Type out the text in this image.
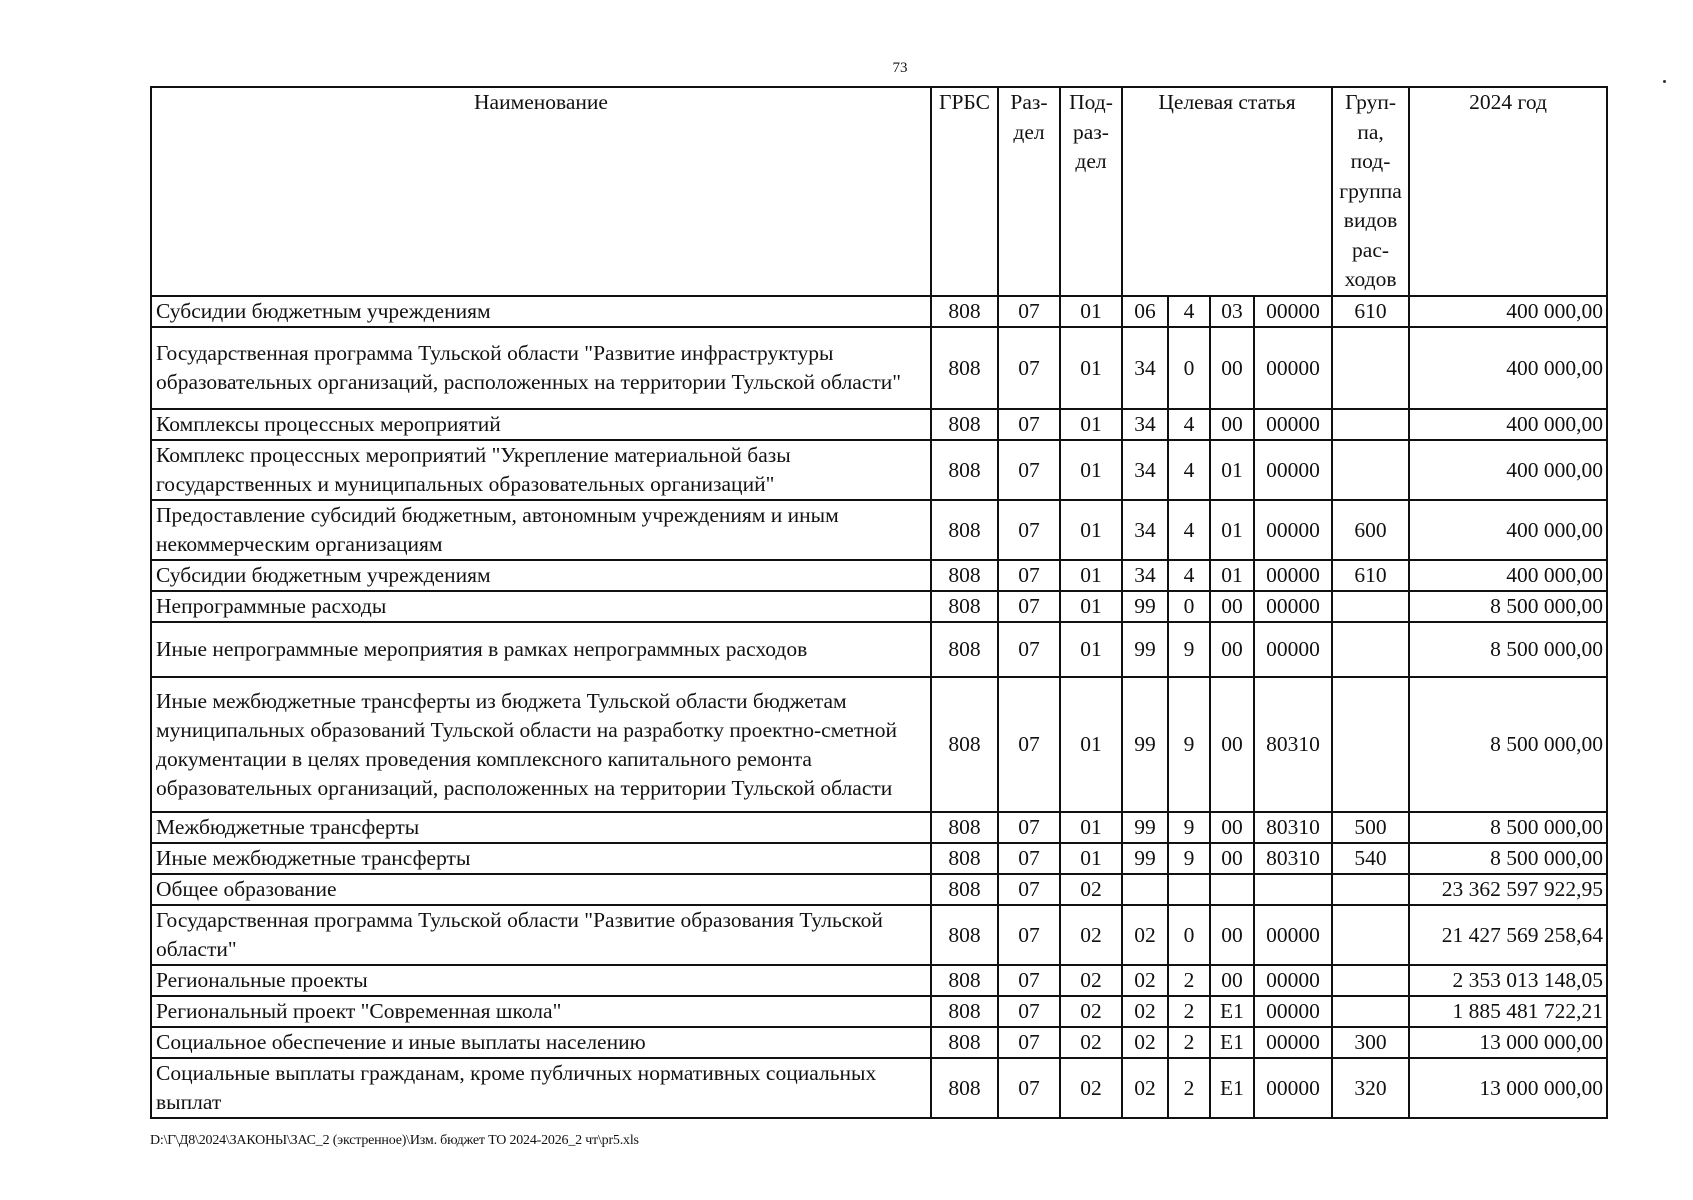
73
Наименование	ГРБС	Раз- дел	Под- раз- дел	Целевая статья				Груп- па, под- группа видов рас- ходов	2024 год
Субсидии бюджетным учреждениям	808	07	01	06	4	03	00000	610	400 000,00
Государственная программа Тульской области "Развитие инфраструктуры образовательных организаций, расположенных на территории Тульской области"	808	07	01	34	0	00	00000		400 000,00
Комплексы процессных мероприятий	808	07	01	34	4	00	00000		400 000,00
Комплекс процессных мероприятий "Укрепление материальной базы государственных и муниципальных образовательных организаций"	808	07	01	34	4	01	00000		400 000,00
Предоставление субсидий бюджетным, автономным учреждениям и иным некоммерческим организациям	808	07	01	34	4	01	00000	600	400 000,00
Субсидии бюджетным учреждениям	808	07	01	34	4	01	00000	610	400 000,00
Непрограммные расходы	808	07	01	99	0	00	00000		8 500 000,00
Иные непрограммные мероприятия в рамках непрограммных расходов	808	07	01	99	9	00	00000		8 500 000,00
Иные межбюджетные трансферты из бюджета Тульской области бюджетам муниципальных образований Тульской области на разработку проектно-сметной документации в целях проведения комплексного капитального ремонта образовательных организаций, расположенных на территории Тульской области	808	07	01	99	9	00	80310		8 500 000,00
Межбюджетные трансферты	808	07	01	99	9	00	80310	500	8 500 000,00
Иные межбюджетные трансферты	808	07	01	99	9	00	80310	540	8 500 000,00
Общее образование	808	07	02						23 362 597 922,95
Государственная программа Тульской области "Развитие образования Тульской области"	808	07	02	02	0	00	00000		21 427 569 258,64
Региональные проекты	808	07	02	02	2	00	00000		2 353 013 148,05
Региональный проект "Современная школа"	808	07	02	02	2	E1	00000		1 885 481 722,21
Социальное обеспечение и иные выплаты населению	808	07	02	02	2	E1	00000	300	13 000 000,00
Социальные выплаты гражданам, кроме публичных нормативных социальных выплат	808	07	02	02	2	E1	00000	320	13 000 000,00
D:\Г\Д8\2024\ЗАКОНЫ\ЗАС_2 (экстренное)\Изм. бюджет ТО 2024-2026_2 чт\pr5.xls
